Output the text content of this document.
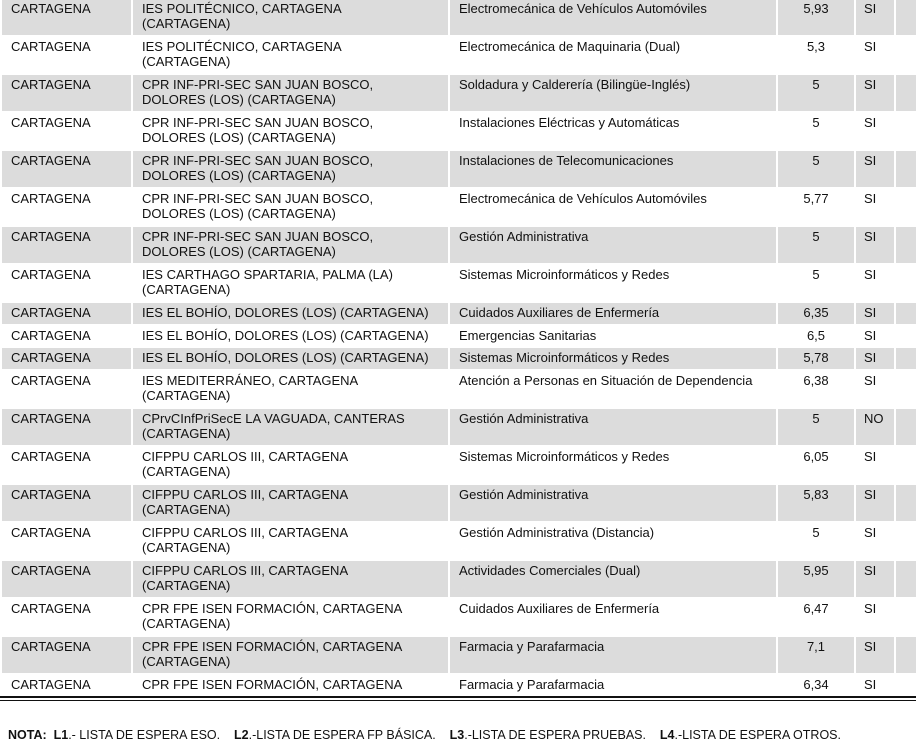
CARTAGENA	IES POLITÉCNICO, CARTAGENA
(CARTAGENA)	Electromecánica de Vehículos Automóviles	5,93	SI	
CARTAGENA	IES POLITÉCNICO, CARTAGENA
(CARTAGENA)	Electromecánica de Maquinaria (Dual)	5,3	SI	
CARTAGENA	CPR INF-PRI-SEC SAN JUAN BOSCO,
DOLORES (LOS) (CARTAGENA)	Soldadura y Calderería (Bilingüe-Inglés)	5	SI	
CARTAGENA	CPR INF-PRI-SEC SAN JUAN BOSCO,
DOLORES (LOS) (CARTAGENA)	Instalaciones Eléctricas y Automáticas	5	SI	
CARTAGENA	CPR INF-PRI-SEC SAN JUAN BOSCO,
DOLORES (LOS) (CARTAGENA)	Instalaciones de Telecomunicaciones	5	SI	
CARTAGENA	CPR INF-PRI-SEC SAN JUAN BOSCO,
DOLORES (LOS) (CARTAGENA)	Electromecánica de Vehículos Automóviles	5,77	SI	
CARTAGENA	CPR INF-PRI-SEC SAN JUAN BOSCO,
DOLORES (LOS) (CARTAGENA)	Gestión Administrativa	5	SI	
CARTAGENA	IES CARTHAGO SPARTARIA, PALMA (LA)
(CARTAGENA)	Sistemas Microinformáticos y Redes	5	SI	
CARTAGENA	IES EL BOHÍO, DOLORES (LOS) (CARTAGENA)	Cuidados Auxiliares de Enfermería	6,35	SI	
CARTAGENA	IES EL BOHÍO, DOLORES (LOS) (CARTAGENA)	Emergencias Sanitarias	6,5	SI	
CARTAGENA	IES EL BOHÍO, DOLORES (LOS) (CARTAGENA)	Sistemas Microinformáticos y Redes	5,78	SI	
CARTAGENA	IES MEDITERRÁNEO, CARTAGENA
(CARTAGENA)	Atención a Personas en Situación de Dependencia	6,38	SI	
CARTAGENA	CPrvCInfPriSecE LA VAGUADA, CANTERAS
(CARTAGENA)	Gestión Administrativa	5	NO	
CARTAGENA	CIFPPU CARLOS III, CARTAGENA
(CARTAGENA)	Sistemas Microinformáticos y Redes	6,05	SI	
CARTAGENA	CIFPPU CARLOS III, CARTAGENA
(CARTAGENA)	Gestión Administrativa	5,83	SI	
CARTAGENA	CIFPPU CARLOS III, CARTAGENA
(CARTAGENA)	Gestión Administrativa (Distancia)	5	SI	
CARTAGENA	CIFPPU CARLOS III, CARTAGENA
(CARTAGENA)	Actividades Comerciales (Dual)	5,95	SI	
CARTAGENA	CPR FPE ISEN FORMACIÓN, CARTAGENA
(CARTAGENA)	Cuidados Auxiliares de Enfermería	6,47	SI	
CARTAGENA	CPR FPE ISEN FORMACIÓN, CARTAGENA
(CARTAGENA)	Farmacia y Parafarmacia	7,1	SI	
CARTAGENA	CPR FPE ISEN FORMACIÓN, CARTAGENA	Farmacia y Parafarmacia	6,34	SI	
NOTA: L1.- LISTA DE ESPERA ESO. L2.-LISTA DE ESPERA FP BÁSICA. L3.-LISTA DE ESPERA PRUEBAS. L4.-LISTA DE ESPERA OTROS.
